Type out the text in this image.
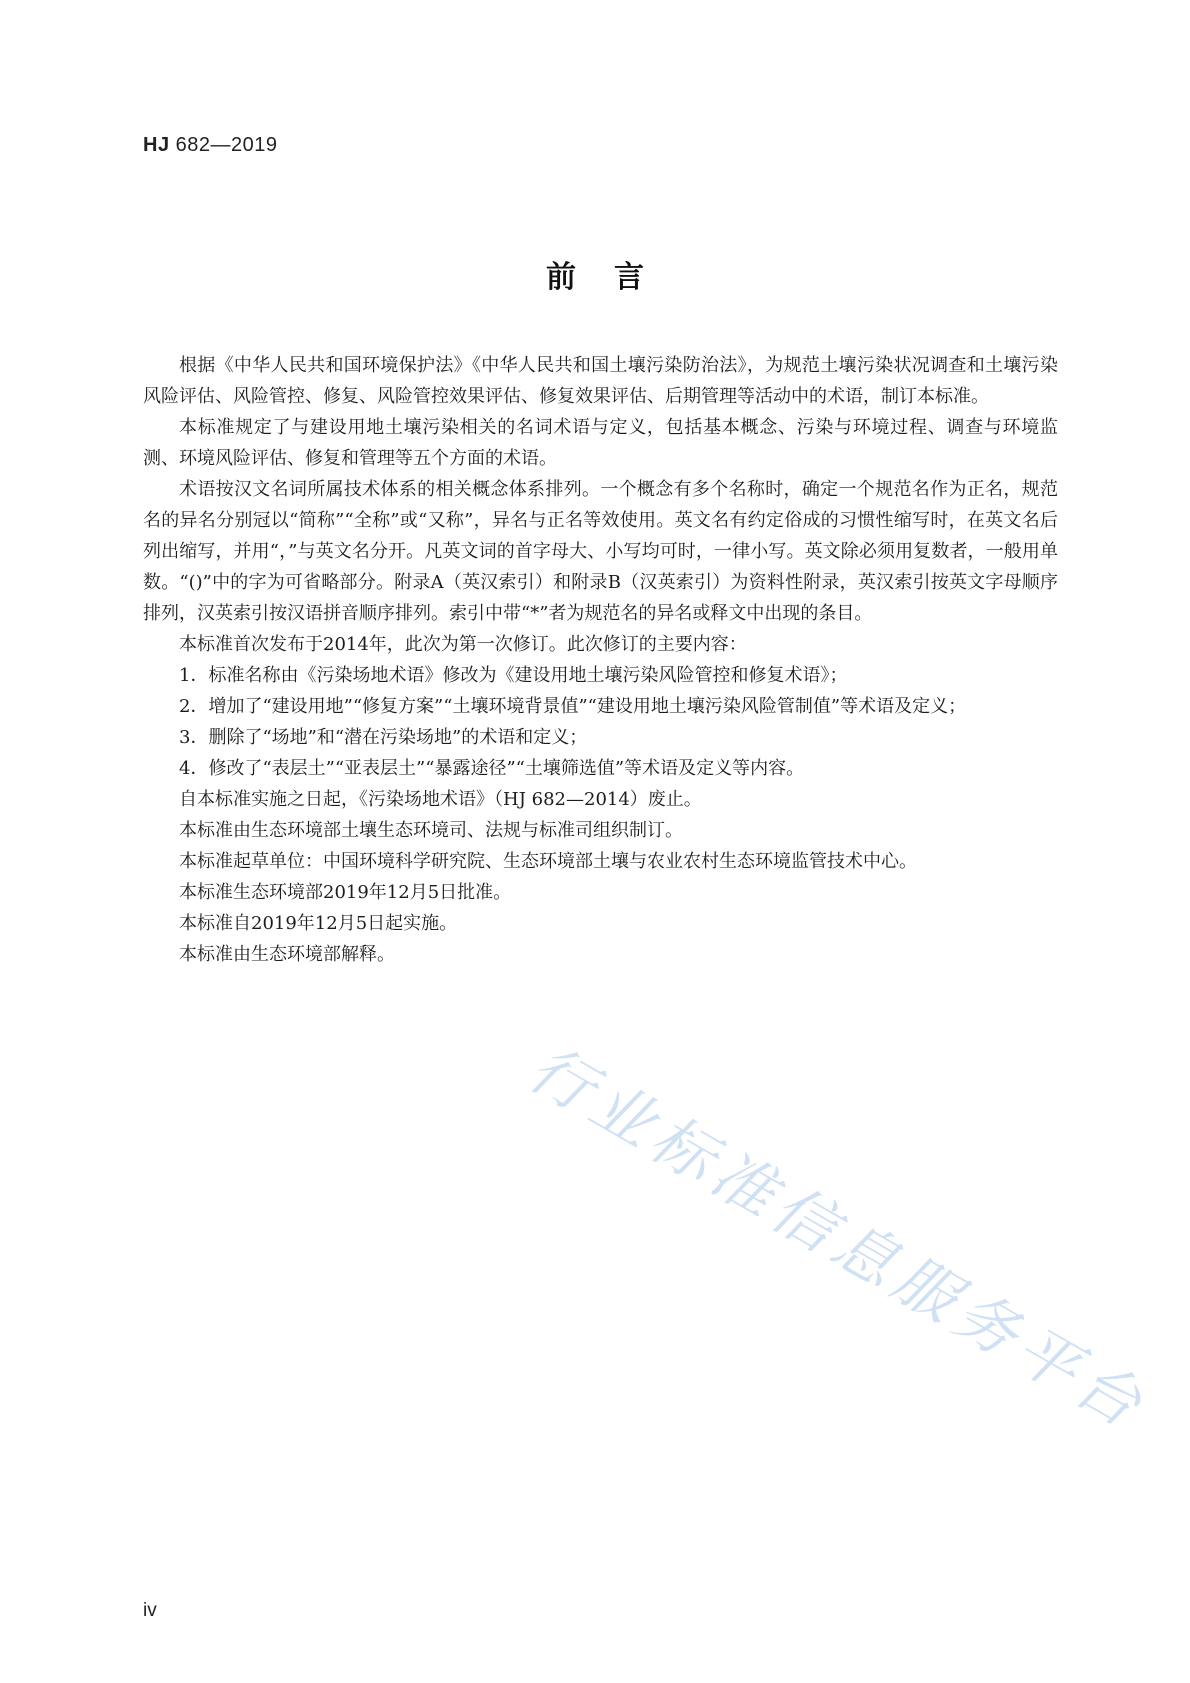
HJ 682—2019
前言

根据《中华人民共和国环境保护法》《中华人民共和国土壤污染防治法》，为规范土壤污染状况调查和土壤污染风险评估、风险管控、修复、风险管控效果评估、修复效果评估、后期管理等活动中的术语，制订本标准。

本标准规定了与建设用地土壤污染相关的名词术语与定义，包括基本概念、污染与环境过程、调查与环境监测、环境风险评估、修复和管理等五个方面的术语。

术语按汉文名词所属技术体系的相关概念体系排列。一个概念有多个名称时，确定一个规范名作为正名，规范名的异名分别冠以“简称”“全称”或“又称”，异名与正名等效使用。英文名有约定俗成的习惯性缩写时，在英文名后列出缩写，并用“，”与英文名分开。凡英文词的首字母大、小写均可时，一律小写。英文除必须用复数者，一般用单数。“()”中的字为可省略部分。附录A（英汉索引）和附录B（汉英索引）为资料性附录，英汉索引按英文字母顺序排列，汉英索引按汉语拼音顺序排列。索引中带“*”者为规范名的异名或释文中出现的条目。

本标准首次发布于2014年，此次为第一次修订。此次修订的主要内容：

1．标准名称由《污染场地术语》修改为《建设用地土壤污染风险管控和修复术语》；

2．增加了“建设用地”“修复方案”“土壤环境背景值”“建设用地土壤污染风险管制值”等术语及定义；

3．删除了“场地”和“潜在污染场地”的术语和定义；

4．修改了“表层土”“亚表层土”“暴露途径”“土壤筛选值”等术语及定义等内容。

自本标准实施之日起，《污染场地术语》（HJ 682—2014）废止。

本标准由生态环境部土壤生态环境司、法规与标准司组织制订。

本标准起草单位：中国环境科学研究院、生态环境部土壤与农业农村生态环境监管技术中心。

本标准生态环境部2019年12月5日批准。

本标准自2019年12月5日起实施。

本标准由生态环境部解释。

行业标准信息服务平台
iv
